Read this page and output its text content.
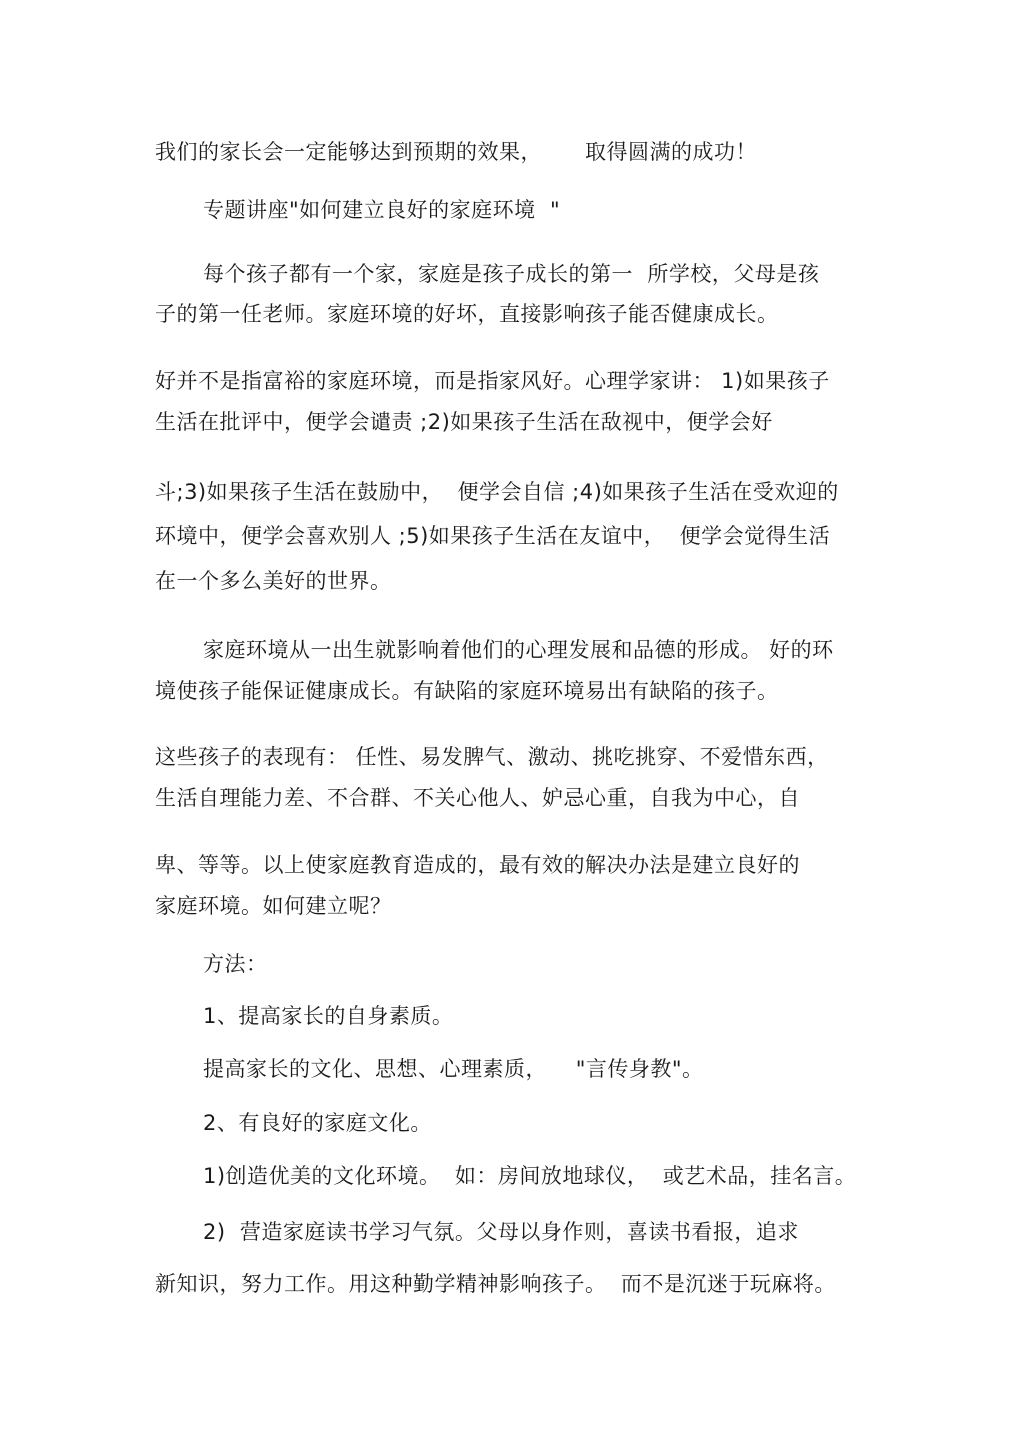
我们的家长会一定能够达到预期的效果，      取得圆满的成功！
专题讲座"如何建立良好的家庭环境  "
每个孩子都有一个家，家庭是孩子成长的第一  所学校，父母是孩
子的第一任老师。家庭环境的好坏，直接影响孩子能否健康成长。
好并不是指富裕的家庭环境，而是指家风好。心理学家讲： 1)如果孩子
生活在批评中，便学会谴责 ;2)如果孩子生活在敌视中，便学会好
斗;3)如果孩子生活在鼓励中，  便学会自信 ;4)如果孩子生活在受欢迎的
环境中，便学会喜欢别人 ;5)如果孩子生活在友谊中，  便学会觉得生活
在一个多么美好的世界。
家庭环境从一出生就影响着他们的心理发展和品德的形成。 好的环
境使孩子能保证健康成长。有缺陷的家庭环境易出有缺陷的孩子。
这些孩子的表现有： 任性、易发脾气、激动、挑吃挑穿、不爱惜东西，
生活自理能力差、不合群、不关心他人、妒忌心重，自我为中心，自
卑、等等。以上使家庭教育造成的，最有效的解决办法是建立良好的
家庭环境。如何建立呢？
方法：
1、提高家长的自身素质。
提高家长的文化、思想、心理素质，    "言传身教"。
2、有良好的家庭文化。
1)创造优美的文化环境。  如：房间放地球仪，  或艺术品，挂名言。
2)  营造家庭读书学习气氛。父母以身作则，喜读书看报，追求
新知识，努力工作。用这种勤学精神影响孩子。  而不是沉迷于玩麻将。
